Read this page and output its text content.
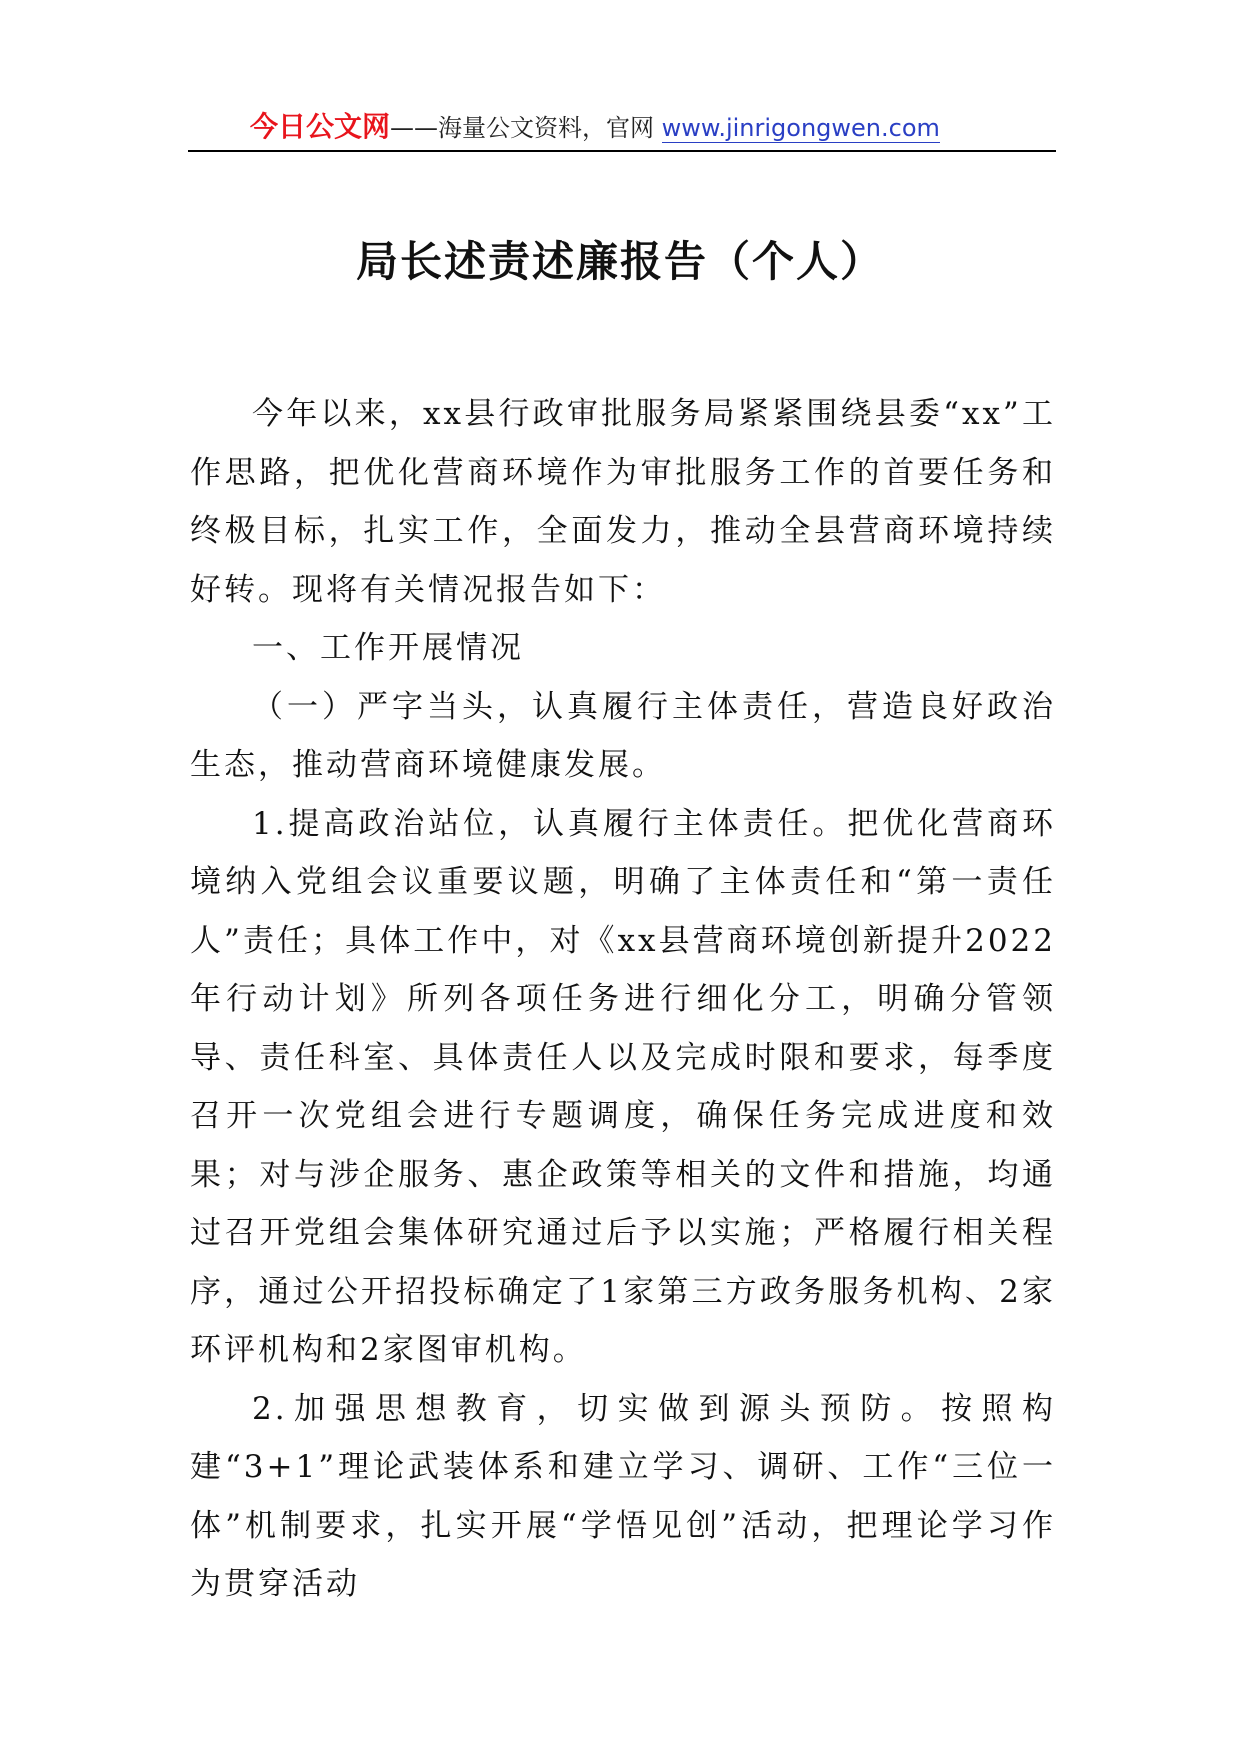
今日公文网——海量公文资料，官网 www.jinrigongwen.com
局长述责述廉报告（个人）

今年以来，xx县行政审批服务局紧紧围绕县委“xx”工作思路，把优化营商环境作为审批服务工作的首要任务和终极目标，扎实工作，全面发力，推动全县营商环境持续好转。现将有关情况报告如下：

一、工作开展情况

（一）严字当头，认真履行主体责任，营造良好政治生态，推动营商环境健康发展。

1.提高政治站位，认真履行主体责任。把优化营商环境纳入党组会议重要议题，明确了主体责任和“第一责任人”责任；具体工作中，对《xx县营商环境创新提升2022年行动计划》所列各项任务进行细化分工，明确分管领导、责任科室、具体责任人以及完成时限和要求，每季度召开一次党组会进行专题调度，确保任务完成进度和效果；对与涉企服务、惠企政策等相关的文件和措施，均通过召开党组会集体研究通过后予以实施；严格履行相关程序，通过公开招投标确定了1家第三方政务服务机构、2家环评机构和2家图审机构。

2.加强思想教育，切实做到源头预防。按照构建“3+1”理论武装体系和建立学习、调研、工作“三位一体”机制要求，扎实开展“学悟见创”活动，把理论学习作为贯穿活动
